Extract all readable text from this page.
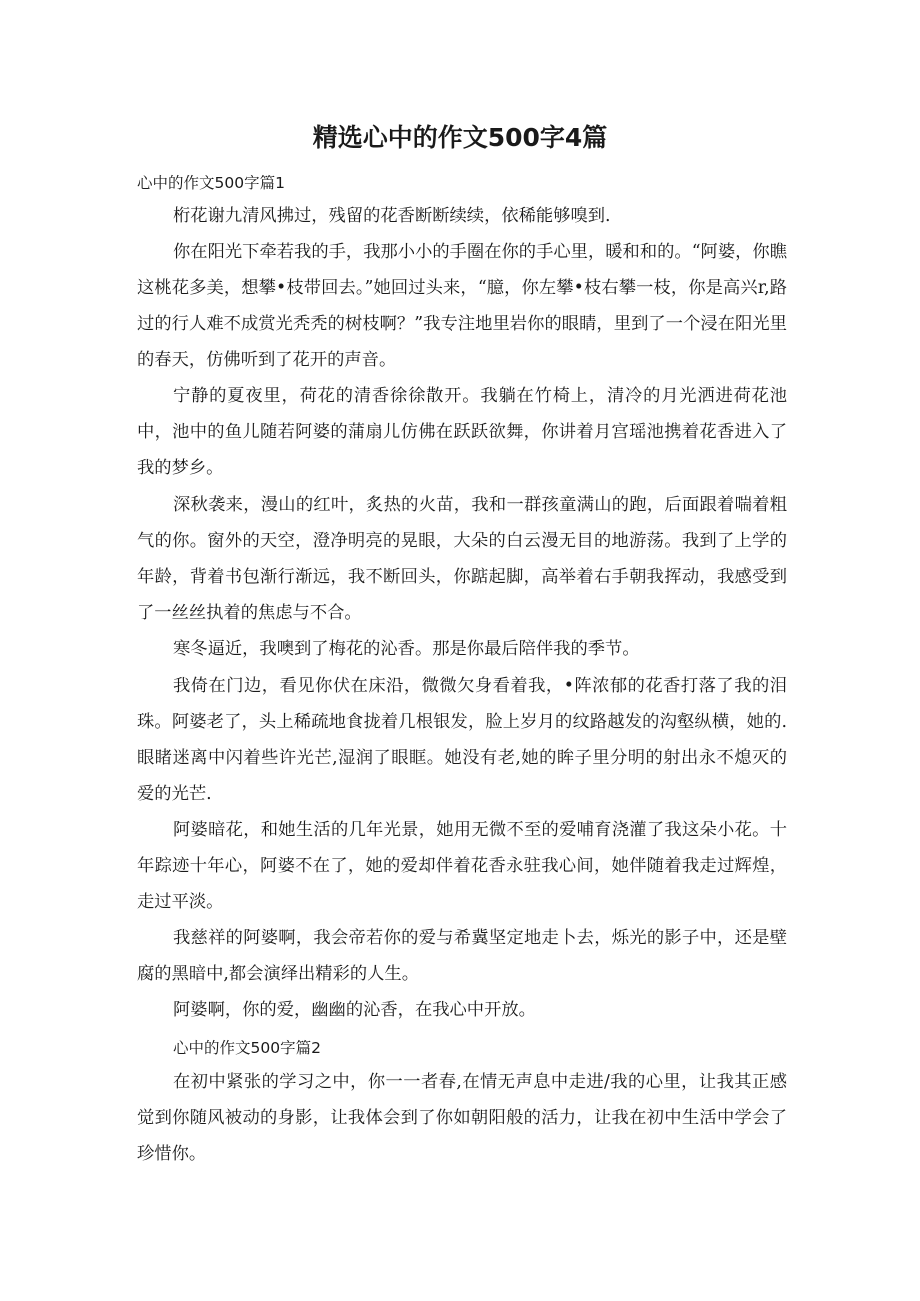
精选心中的作文500字4篇

心中的作文500字篇1

桁花谢九清风拂过，残留的花香断断续续，依稀能够嗅到.

你在阳光下牵若我的手，我那小小的手圈在你的手心里，暖和和的。“阿婆，你瞧这桃花多美，想攀•枝带回去。”她回过头来，“臆，你左攀•枝右攀一枝，你是高兴r,路过的行人难不成赏光秃秃的树枝啊？”我专注地里岩你的眼睛，里到了一个浸在阳光里的春天，仿佛听到了花开的声音。

宁静的夏夜里，荷花的清香徐徐散开。我躺在竹椅上，清冷的月光洒进荷花池中，池中的鱼儿随若阿婆的蒲扇儿仿佛在跃跃欲舞，你讲着月宫瑶池携着花香进入了我的梦乡。

深秋袭来，漫山的红叶，炙热的火苗，我和一群孩童满山的跑，后面跟着喘着粗气的你。窗外的天空，澄净明亮的晃眼，大朵的白云漫无目的地游荡。我到了上学的年龄，背着书包渐行渐远，我不断回头，你踮起脚，高举着右手朝我挥动，我感受到了一丝丝执着的焦虑与不合。

寒冬逼近，我噢到了梅花的沁香。那是你最后陪伴我的季节。

我倚在门边，看见你伏在床沿，微微欠身看着我，•阵浓郁的花香打落了我的泪珠。阿婆老了，头上稀疏地食拢着几根银发，脸上岁月的纹路越发的沟壑纵横，她的.眼睹迷离中闪着些许光芒,湿润了眼眶。她没有老,她的眸子里分明的射出永不熄灭的爱的光芒.

阿婆暗花，和她生活的几年光景，她用无微不至的爱哺育浇灌了我这朵小花。十年踪迹十年心，阿婆不在了，她的爱却伴着花香永驻我心间，她伴随着我走过辉煌，走过平淡。

我慈祥的阿婆啊，我会帝若你的爱与希冀坚定地走卜去，烁光的影子中，还是壁腐的黑暗中,都会演绎出精彩的人生。

阿婆啊，你的爱，幽幽的沁香，在我心中开放。

心中的作文500字篇2

在初中紧张的学习之中，你一一者春,在情无声息中走进/我的心里，让我其正感觉到你随风被动的身影，让我体会到了你如朝阳般的活力，让我在初中生活中学会了珍惜你。
